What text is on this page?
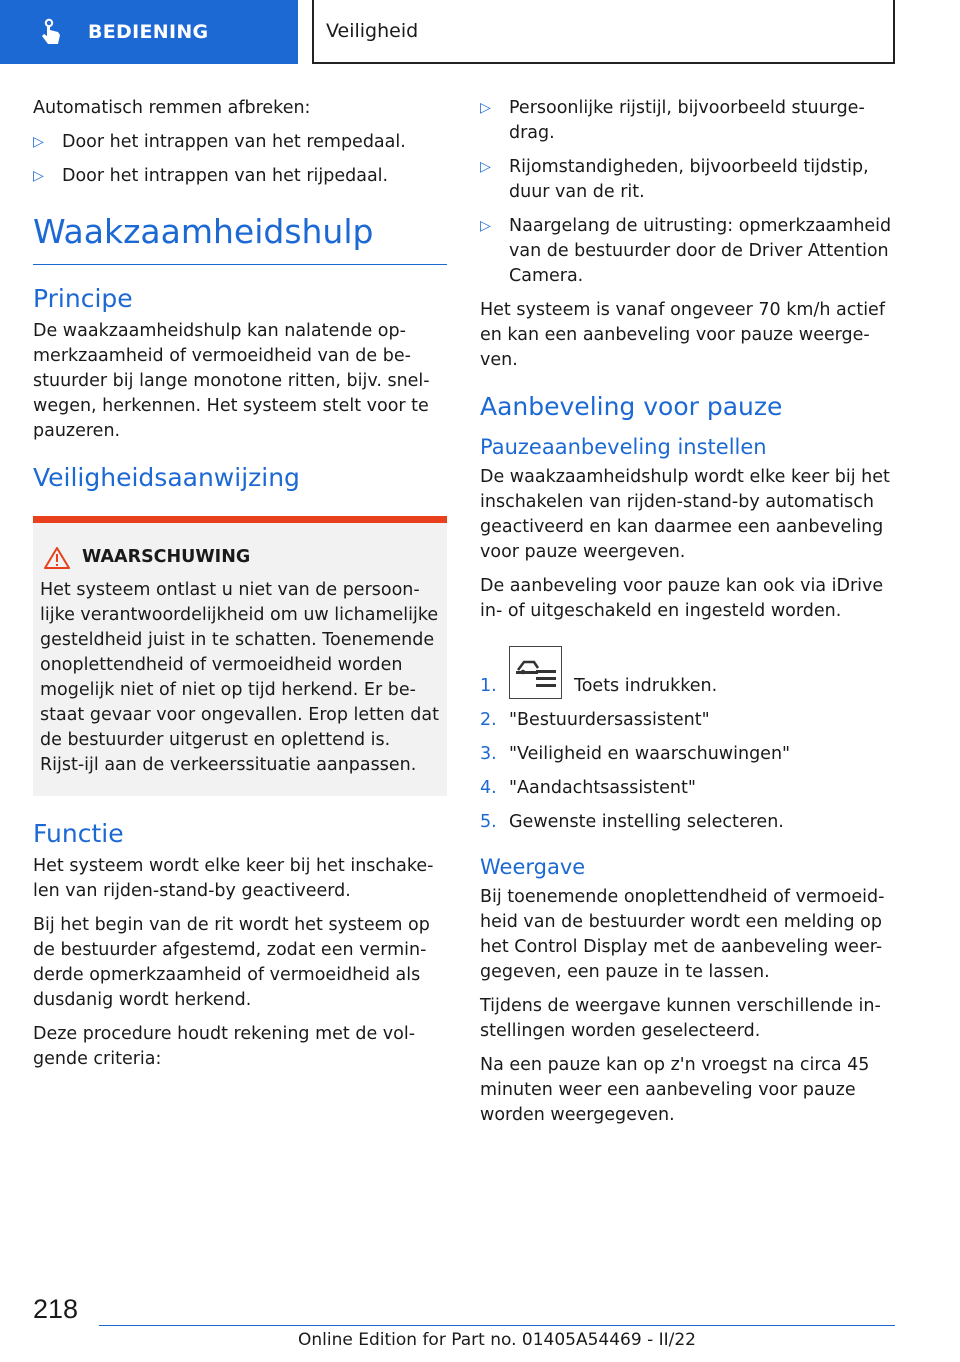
BEDIENING	Veiligheid

Automatisch remmen afbreken:

▷	Door het intrappen van het rempedaal.
▷	Door het intrappen van het rijpedaal.
Waakzaamheidshulp
Principe

De waakzaamheidshulp kan nalatende op-merkzaamheid of vermoeidheid van de be-stuurder bij lange monotone ritten, bijv. snel-wegen, herkennen. Het systeem stelt voor te pauzeren.

Veiligheidsaanwijzing
WAARSCHUWING
Het systeem ontlast u niet van de persoon-lijke verantwoordelijkheid om uw lichamelijke gesteldheid juist in te schatten. Toenemende onoplettendheid of vermoeidheid worden mogelijk niet of niet op tijd herkend. Er be-staat gevaar voor ongevallen. Erop letten dat de bestuurder uitgerust en oplettend is. Rijst-ijl aan de verkeerssituatie aanpassen.
Functie

Het systeem wordt elke keer bij het inschake-len van rijden-stand-by geactiveerd.

Bij het begin van de rit wordt het systeem op de bestuurder afgestemd, zodat een vermin-derde opmerkzaamheid of vermoeidheid als dusdanig wordt herkend.

Deze procedure houdt rekening met de vol-gende criteria:

▷	Persoonlijke rijstijl, bijvoorbeeld stuurge-drag.
▷	Rijomstandigheden, bijvoorbeeld tijdstip, duur van de rit.
▷	Naargelang de uitrusting: opmerkzaamheid van de bestuurder door de Driver Attention Camera.

Het systeem is vanaf ongeveer 70 km/h actief en kan een aanbeveling voor pauze weerge-ven.

Aanbeveling voor pauze
Pauzeaanbeveling instellen

De waakzaamheidshulp wordt elke keer bij het inschakelen van rijden-stand-by automatisch geactiveerd en kan daarmee een aanbeveling voor pauze weergeven.

De aanbeveling voor pauze kan ook via iDrive in- of uitgeschakeld en ingesteld worden.

1.	Toets indrukken.
2. "Bestuurdersassistent"
3. "Veiligheid en waarschuwingen"
4. "Aandachtsassistent"
5. Gewenste instelling selecteren.
Weergave

Bij toenemende onoplettendheid of vermoeid-heid van de bestuurder wordt een melding op het Control Display met de aanbeveling weer-gegeven, een pauze in te lassen.

Tijdens de weergave kunnen verschillende in-stellingen worden geselecteerd.

Na een pauze kan op z'n vroegst na circa 45 minuten weer een aanbeveling voor pauze worden weergegeven.

218
Online Edition for Part no. 01405A54469 - II/22
